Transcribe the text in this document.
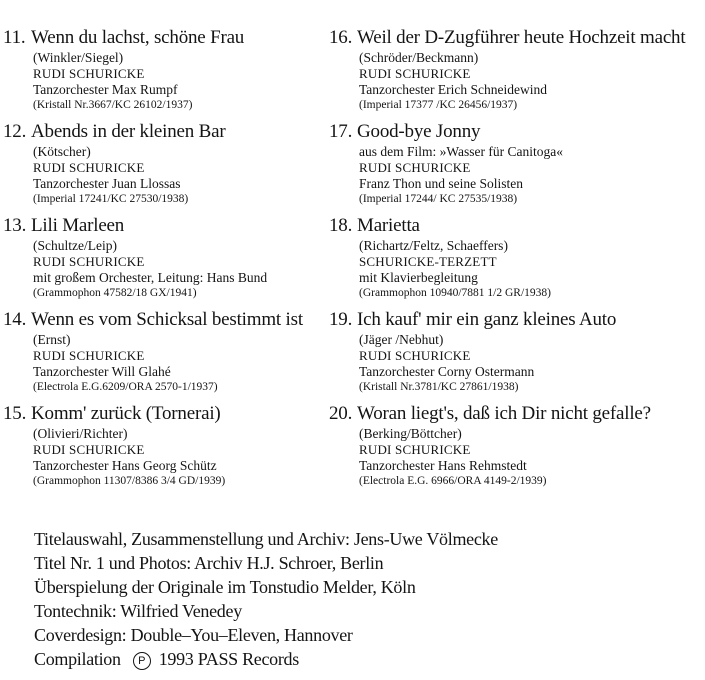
11. Wenn du lachst, schöne Frau
(Winkler/Siegel)
RUDI SCHURICKE
Tanzorchester Max Rumpf
(Kristall Nr.3667/KC 26102/1937)
12. Abends in der kleinen Bar
(Kötscher)
RUDI SCHURICKE
Tanzorchester Juan Llossas
(Imperial 17241/KC 27530/1938)
13. Lili Marleen
(Schultze/Leip)
RUDI SCHURICKE
mit großem Orchester, Leitung: Hans Bund
(Grammophon 47582/18 GX/1941)
14. Wenn es vom Schicksal bestimmt ist
(Ernst)
RUDI SCHURICKE
Tanzorchester Will Glahé
(Electrola E.G.6209/ORA 2570-1/1937)
15. Komm' zurück (Tornerai)
(Olivieri/Richter)
RUDI SCHURICKE
Tanzorchester Hans Georg Schütz
(Grammophon 11307/8386 3/4 GD/1939)
16. Weil der D-Zugführer heute Hochzeit macht
(Schröder/Beckmann)
RUDI SCHURICKE
Tanzorchester Erich Schneidewind
(Imperial 17377 /KC 26456/1937)
17. Good-bye Jonny
aus dem Film: »Wasser für Canitoga«
RUDI SCHURICKE
Franz Thon und seine Solisten
(Imperial 17244/ KC 27535/1938)
18. Marietta
(Richartz/Feltz, Schaeffers)
SCHURICKE-TERZETT
mit Klavierbegleitung
(Grammophon 10940/7881 1/2 GR/1938)
19. Ich kauf' mir ein ganz kleines Auto
(Jäger /Nebhut)
RUDI SCHURICKE
Tanzorchester Corny Ostermann
(Kristall Nr.3781/KC 27861/1938)
20. Woran liegt's, daß ich Dir nicht gefalle?
(Berking/Böttcher)
RUDI SCHURICKE
Tanzorchester Hans Rehmstedt
(Electrola E.G. 6966/ORA 4149-2/1939)
Titelauswahl, Zusammenstellung und Archiv: Jens-Uwe Völmecke
Titel Nr. 1 und Photos: Archiv H.J. Schroer, Berlin
Überspielung der Originale im Tonstudio Melder, Köln
Tontechnik: Wilfried Venedey
Coverdesign: Double–You–Eleven, Hannover
Compilation P 1993 PASS Records
